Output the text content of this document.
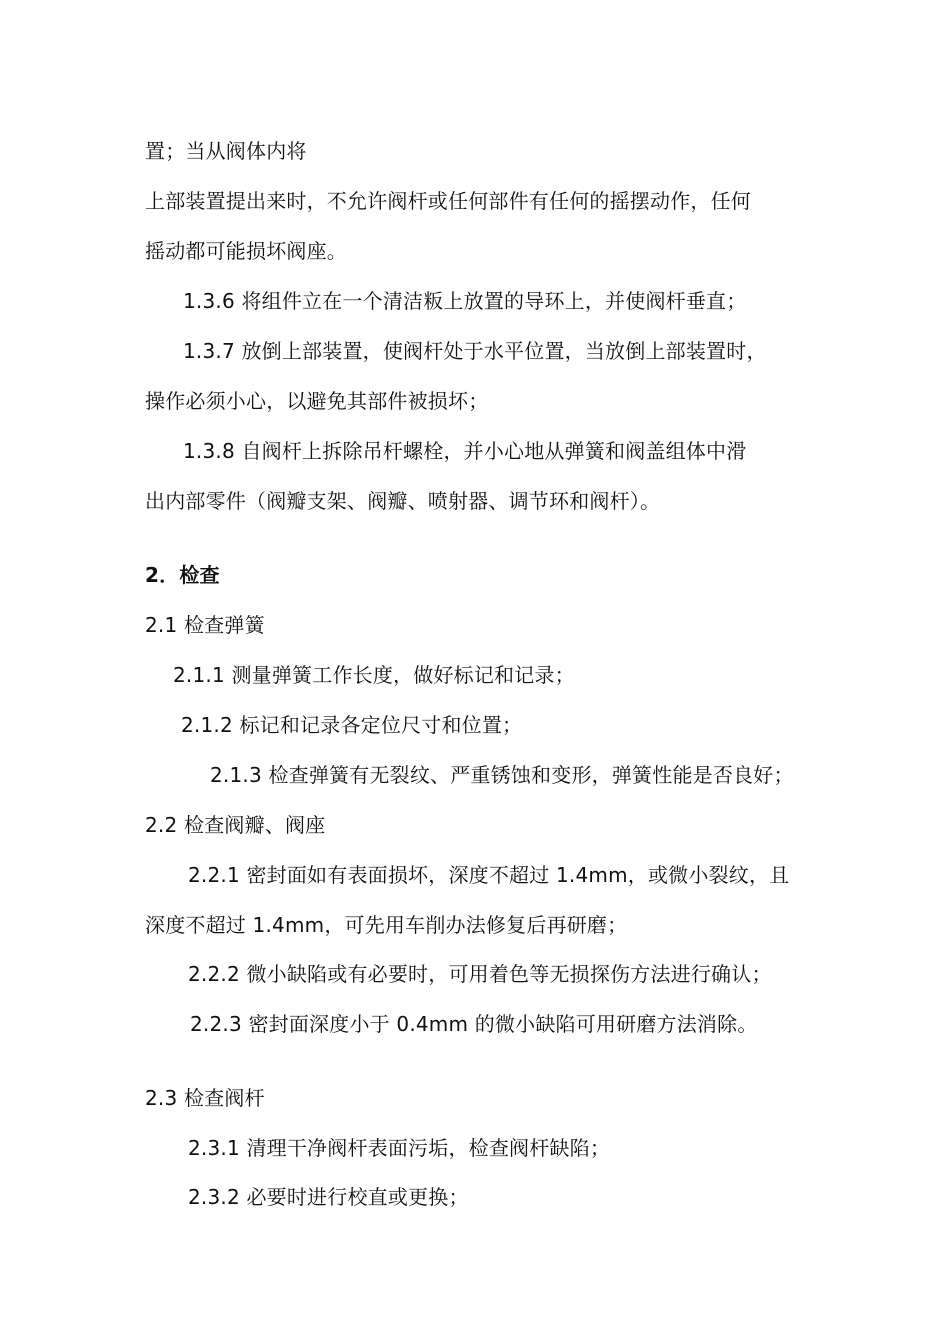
置；当从阀体内将
上部装置提出来时，不允许阀杆或任何部件有任何的摇摆动作，任何
摇动都可能损坏阀座。
1.3.6 将组件立在一个清洁粄上放置的导环上，并使阀杆垂直；
1.3.7 放倒上部装置，使阀杆处于水平位置，当放倒上部装置时，
操作必须小心，以避免其部件被损坏；
1.3.8 自阀杆上拆除吊杆螺栓，并小心地从弹簧和阀盖组体中滑
出内部零件（阀瓣支架、阀瓣、喷射器、调节环和阀杆）。
2．检查
2.1 检查弹簧
2.1.1 测量弹簧工作长度，做好标记和记录；
2.1.2 标记和记录各定位尺寸和位置；
2.1.3 检查弹簧有无裂纹、严重锈蚀和变形，弹簧性能是否良好；
2.2 检查阀瓣、阀座
2.2.1 密封面如有表面损坏，深度不超过 1.4mm，或微小裂纹，且
深度不超过 1.4mm，可先用车削办法修复后再研磨；
2.2.2 微小缺陷或有必要时，可用着色等无损探伤方法进行确认；
2.2.3 密封面深度小于 0.4mm 的微小缺陷可用研磨方法消除。
2.3 检查阀杆
2.3.1 清理干净阀杆表面污垢，检查阀杆缺陷；
2.3.2 必要时进行校直或更换；
